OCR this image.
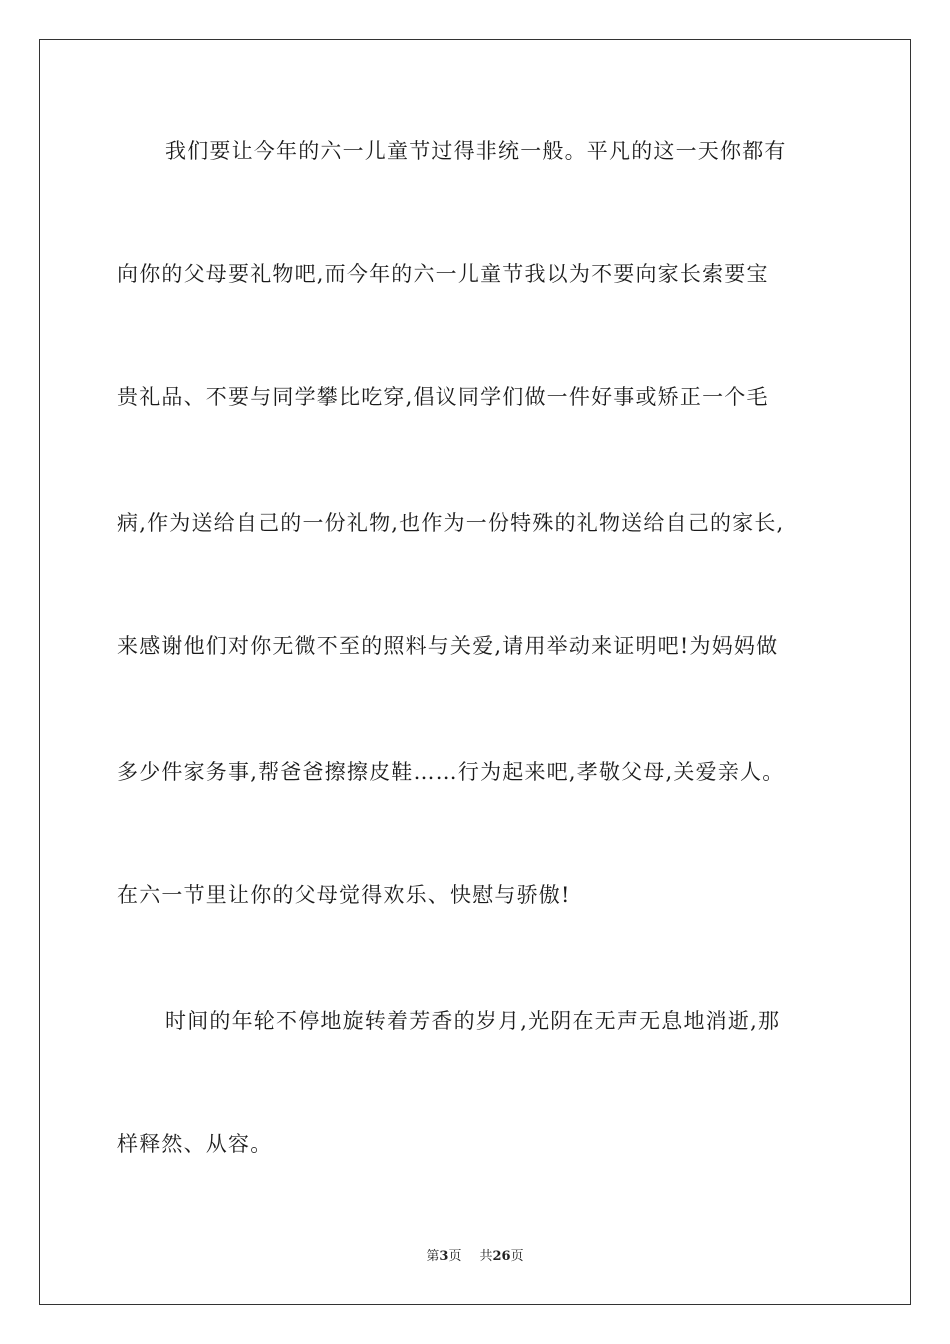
我们要让今年的六一儿童节过得非统一般。平凡的这一天你都有
向你的父母要礼物吧,而今年的六一儿童节我以为不要向家长索要宝
贵礼品、不要与同学攀比吃穿,倡议同学们做一件好事或矫正一个毛
病,作为送给自己的一份礼物,也作为一份特殊的礼物送给自己的家长,
来感谢他们对你无微不至的照料与关爱,请用举动来证明吧!为妈妈做
多少件家务事,帮爸爸擦擦皮鞋……行为起来吧,孝敬父母,关爱亲人。
在六一节里让你的父母觉得欢乐、快慰与骄傲!
时间的年轮不停地旋转着芳香的岁月,光阴在无声无息地消逝,那
样释然、从容。
第3页 共26页
